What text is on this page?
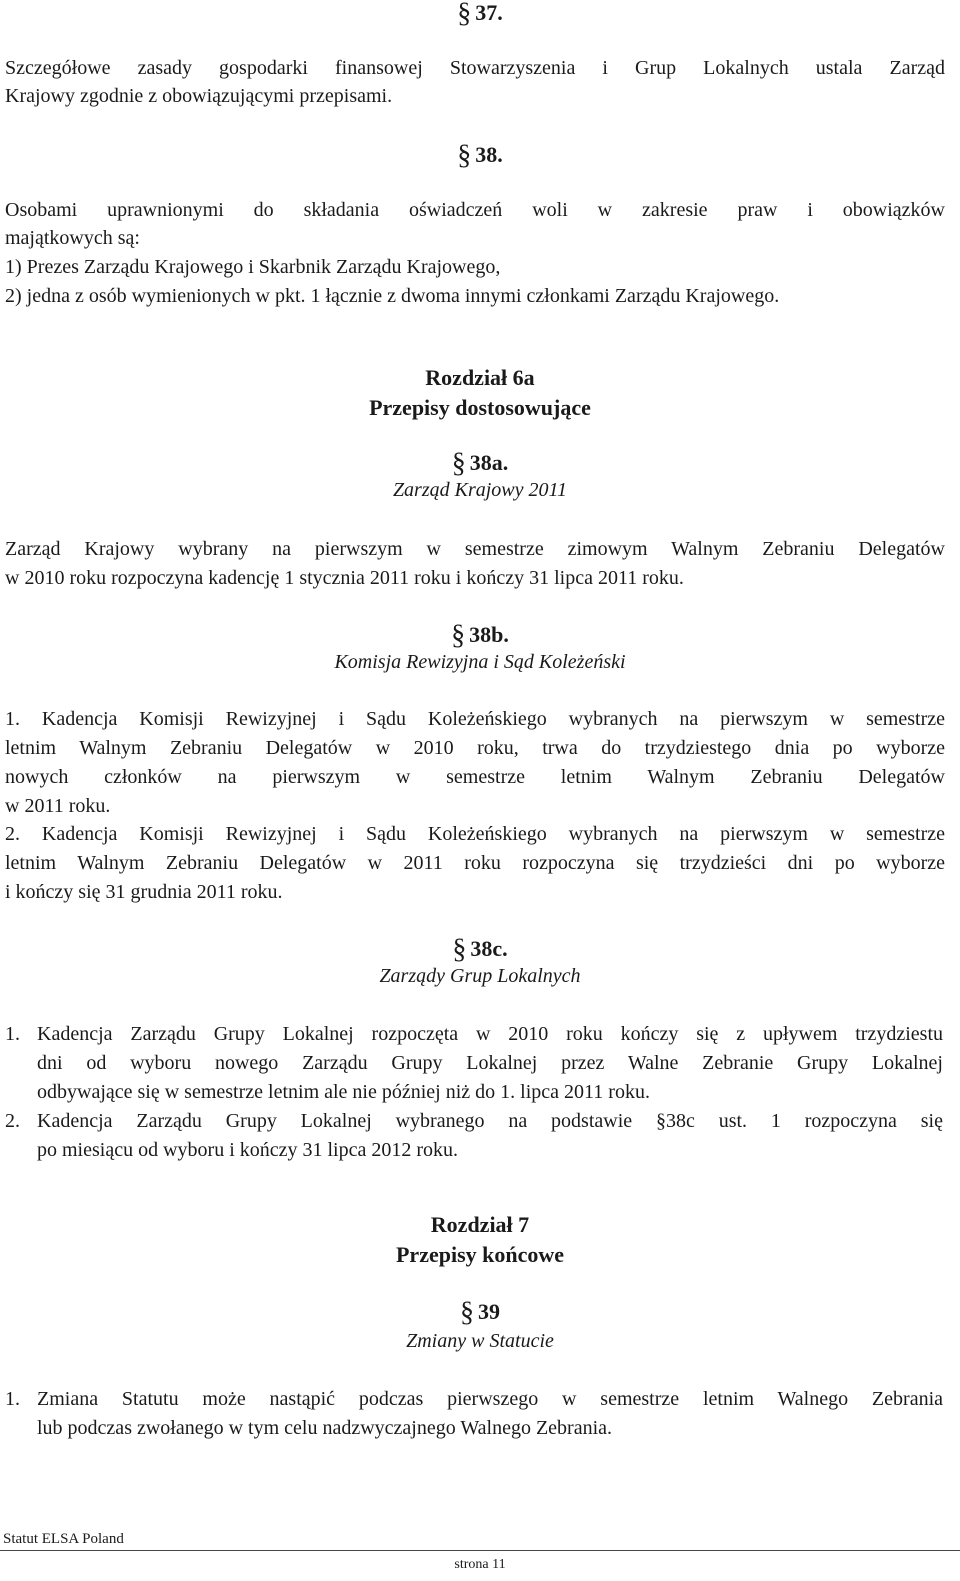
§ 37.
Szczegółowe zasady gospodarki finansowej Stowarzyszenia i Grup Lokalnych ustala Zarząd
Krajowy zgodnie z obowiązującymi przepisami.
§ 38.
Osobami uprawnionymi do składania oświadczeń woli w zakresie praw i obowiązków
majątkowych są:
1) Prezes Zarządu Krajowego i Skarbnik Zarządu Krajowego,
2) jedna z osób wymienionych w pkt. 1 łącznie z dwoma innymi członkami Zarządu Krajowego.
Rozdział 6a
Przepisy dostosowujące
§ 38a.
Zarząd Krajowy 2011
Zarząd Krajowy wybrany na pierwszym w semestrze zimowym Walnym Zebraniu Delegatów
w 2010 roku rozpoczyna kadencję 1 stycznia 2011 roku i kończy 31 lipca 2011 roku.
§ 38b.
Komisja Rewizyjna i Sąd Koleżeński
1. Kadencja Komisji Rewizyjnej i Sądu Koleżeńskiego wybranych na pierwszym w semestrze
letnim Walnym Zebraniu Delegatów w 2010 roku, trwa do trzydziestego dnia po wyborze
nowych członków na pierwszym w semestrze letnim Walnym Zebraniu Delegatów
w 2011 roku.
2. Kadencja Komisji Rewizyjnej i Sądu Koleżeńskiego wybranych na pierwszym w semestrze
letnim Walnym Zebraniu Delegatów w 2011 roku rozpoczyna się trzydzieści dni po wyborze
i kończy się 31 grudnia 2011 roku.
§ 38c.
Zarządy Grup Lokalnych
1. Kadencja Zarządu Grupy Lokalnej rozpoczęta w 2010 roku kończy się z upływem trzydziestu
dni od wyboru nowego Zarządu Grupy Lokalnej przez Walne Zebranie Grupy Lokalnej
odbywające się w semestrze letnim ale nie później niż do 1. lipca 2011 roku.
2. Kadencja Zarządu Grupy Lokalnej wybranego na podstawie §38c ust. 1 rozpoczyna się
po miesiącu od wyboru i kończy 31 lipca 2012 roku.
Rozdział 7
Przepisy końcowe
§ 39
Zmiany w Statucie
1. Zmiana Statutu może nastąpić podczas pierwszego w semestrze letnim Walnego Zebrania
lub podczas zwołanego w tym celu nadzwyczajnego Walnego Zebrania.
Statut ELSA Poland
strona 11
